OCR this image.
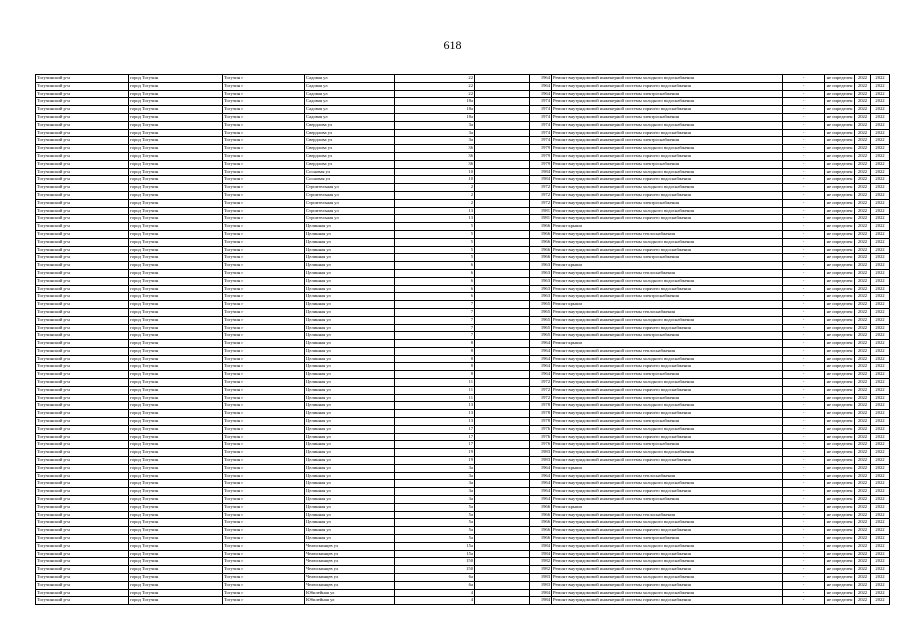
618
Тогучинский р-н	город Тогучин	Тогучин г	Садовая ул	22		1964	Ремонт внутридомовой инженерной системы холодного водоснабжения	-	не определен	2022	2022
Тогучинский р-н	город Тогучин	Тогучин г	Садовая ул	22		1964	Ремонт внутридомовой инженерной системы горячего водоснабжения	-	не определен	2022	2022
Тогучинский р-н	город Тогучин	Тогучин г	Садовая ул	22		1964	Ремонт внутридомовой инженерной системы электроснабжения	-	не определен	2022	2022
Тогучинский р-н	город Тогучин	Тогучин г	Садовая ул	18а		1974	Ремонт внутридомовой инженерной системы холодного водоснабжения	-	не определен	2022	2022
Тогучинский р-н	город Тогучин	Тогучин г	Садовая ул	18а		1974	Ремонт внутридомовой инженерной системы горячего водоснабжения	-	не определен	2022	2022
Тогучинский р-н	город Тогучин	Тогучин г	Садовая ул	18а		1974	Ремонт внутридомовой инженерной системы электроснабжения	-	не определен	2022	2022
Тогучинский р-н	город Тогучин	Тогучин г	Свердлова ул	3а		1974	Ремонт внутридомовой инженерной системы холодного водоснабжения	-	не определен	2022	2022
Тогучинский р-н	город Тогучин	Тогучин г	Свердлова ул	3а		1974	Ремонт внутридомовой инженерной системы горячего водоснабжения	-	не определен	2022	2022
Тогучинский р-н	город Тогучин	Тогучин г	Свердлова ул	3а		1974	Ремонт внутридомовой инженерной системы электроснабжения	-	не определен	2022	2022
Тогучинский р-н	город Тогучин	Тогучин г	Свердлова ул	36		1979	Ремонт внутридомовой инженерной системы холодного водоснабжения	-	не определен	2022	2022
Тогучинский р-н	город Тогучин	Тогучин г	Свердлова ул	36		1979	Ремонт внутридомовой инженерной системы горячего водоснабжения	-	не определен	2022	2022
Тогучинский р-н	город Тогучин	Тогучин г	Свердлова ул	36		1979	Ремонт внутридомовой инженерной системы электроснабжения	-	не определен	2022	2022
Тогучинский р-н	город Тогучин	Тогучин г	Сосновая ул	10		1984	Ремонт внутридомовой инженерной системы холодного водоснабжения	-	не определен	2022	2022
Тогучинский р-н	город Тогучин	Тогучин г	Сосновая ул	10		1984	Ремонт внутридомовой инженерной системы горячего водоснабжения	-	не определен	2022	2022
Тогучинский р-н	город Тогучин	Тогучин г	Строительная ул	2		1972	Ремонт внутридомовой инженерной системы холодного водоснабжения	-	не определен	2022	2022
Тогучинский р-н	город Тогучин	Тогучин г	Строительная ул	2		1972	Ремонт внутридомовой инженерной системы горячего водоснабжения	-	не определен	2022	2022
Тогучинский р-н	город Тогучин	Тогучин г	Строительная ул	2		1972	Ремонт внутридомовой инженерной системы электроснабжения	-	не определен	2022	2022
Тогучинский р-н	город Тогучин	Тогучин г	Строительная ул	13		1981	Ремонт внутридомовой инженерной системы холодного водоснабжения	-	не определен	2022	2022
Тогучинский р-н	город Тогучин	Тогучин г	Строительная ул	13		1981	Ремонт внутридомовой инженерной системы горячего водоснабжения	-	не определен	2022	2022
Тогучинский р-н	город Тогучин	Тогучин г	Целинная ул	5		1966	Ремонт крыши	-	не определен	2022	2022
Тогучинский р-н	город Тогучин	Тогучин г	Целинная ул	5		1966	Ремонт внутридомовой инженерной системы теплоснабжения	-	не определен	2022	2022
Тогучинский р-н	город Тогучин	Тогучин г	Целинная ул	5		1966	Ремонт внутридомовой инженерной системы холодного водоснабжения	-	не определен	2022	2022
Тогучинский р-н	город Тогучин	Тогучин г	Целинная ул	5		1966	Ремонт внутридомовой инженерной системы горячего водоснабжения	-	не определен	2022	2022
Тогучинский р-н	город Тогучин	Тогучин г	Целинная ул	5		1966	Ремонт внутридомовой инженерной системы электроснабжения	-	не определен	2022	2022
Тогучинский р-н	город Тогучин	Тогучин г	Целинная ул	6		1963	Ремонт крыши	-	не определен	2022	2022
Тогучинский р-н	город Тогучин	Тогучин г	Целинная ул	6		1963	Ремонт внутридомовой инженерной системы теплоснабжения	-	не определен	2022	2022
Тогучинский р-н	город Тогучин	Тогучин г	Целинная ул	6		1963	Ремонт внутридомовой инженерной системы холодного водоснабжения	-	не определен	2022	2022
Тогучинский р-н	город Тогучин	Тогучин г	Целинная ул	6		1963	Ремонт внутридомовой инженерной системы горячего водоснабжения	-	не определен	2022	2022
Тогучинский р-н	город Тогучин	Тогучин г	Целинная ул	6		1963	Ремонт внутридомовой инженерной системы электроснабжения	-	не определен	2022	2022
Тогучинский р-н	город Тогучин	Тогучин г	Целинная ул	7		1965	Ремонт крыши	-	не определен	2022	2022
Тогучинский р-н	город Тогучин	Тогучин г	Целинная ул	7		1965	Ремонт внутридомовой инженерной системы теплоснабжения	-	не определен	2022	2022
Тогучинский р-н	город Тогучин	Тогучин г	Целинная ул	7		1965	Ремонт внутридомовой инженерной системы холодного водоснабжения	-	не определен	2022	2022
Тогучинский р-н	город Тогучин	Тогучин г	Целинная ул	7		1965	Ремонт внутридомовой инженерной системы горячего водоснабжения	-	не определен	2022	2022
Тогучинский р-н	город Тогучин	Тогучин г	Целинная ул	7		1965	Ремонт внутридомовой инженерной системы электроснабжения	-	не определен	2022	2022
Тогучинский р-н	город Тогучин	Тогучин г	Целинная ул	8		1964	Ремонт крыши	-	не определен	2022	2022
Тогучинский р-н	город Тогучин	Тогучин г	Целинная ул	8		1964	Ремонт внутридомовой инженерной системы теплоснабжения	-	не определен	2022	2022
Тогучинский р-н	город Тогучин	Тогучин г	Целинная ул	8		1964	Ремонт внутридомовой инженерной системы холодного водоснабжения	-	не определен	2022	2022
Тогучинский р-н	город Тогучин	Тогучин г	Целинная ул	8		1964	Ремонт внутридомовой инженерной системы горячего водоснабжения	-	не определен	2022	2022
Тогучинский р-н	город Тогучин	Тогучин г	Целинная ул	8		1964	Ремонт внутридомовой инженерной системы электроснабжения	-	не определен	2022	2022
Тогучинский р-н	город Тогучин	Тогучин г	Целинная ул	11		1972	Ремонт внутридомовой инженерной системы холодного водоснабжения	-	не определен	2022	2022
Тогучинский р-н	город Тогучин	Тогучин г	Целинная ул	11		1972	Ремонт внутридомовой инженерной системы горячего водоснабжения	-	не определен	2022	2022
Тогучинский р-н	город Тогучин	Тогучин г	Целинная ул	11		1972	Ремонт внутридомовой инженерной системы электроснабжения	-	не определен	2022	2022
Тогучинский р-н	город Тогучин	Тогучин г	Целинная ул	13		1978	Ремонт внутридомовой инженерной системы холодного водоснабжения	-	не определен	2022	2022
Тогучинский р-н	город Тогучин	Тогучин г	Целинная ул	13		1978	Ремонт внутридомовой инженерной системы горячего водоснабжения	-	не определен	2022	2022
Тогучинский р-н	город Тогучин	Тогучин г	Целинная ул	13		1978	Ремонт внутридомовой инженерной системы электроснабжения	-	не определен	2022	2022
Тогучинский р-н	город Тогучин	Тогучин г	Целинная ул	17		1976	Ремонт внутридомовой инженерной системы холодного водоснабжения	-	не определен	2022	2022
Тогучинский р-н	город Тогучин	Тогучин г	Целинная ул	17		1976	Ремонт внутридомовой инженерной системы горячего водоснабжения	-	не определен	2022	2022
Тогучинский р-н	город Тогучин	Тогучин г	Целинная ул	17		1976	Ремонт внутридомовой инженерной системы электроснабжения	-	не определен	2022	2022
Тогучинский р-н	город Тогучин	Тогучин г	Целинная ул	19		1983	Ремонт внутридомовой инженерной системы холодного водоснабжения	-	не определен	2022	2022
Тогучинский р-н	город Тогучин	Тогучин г	Целинная ул	19		1983	Ремонт внутридомовой инженерной системы горячего водоснабжения	-	не определен	2022	2022
Тогучинский р-н	город Тогучин	Тогучин г	Целинная ул	3а		1964	Ремонт крыши	-	не определен	2022	2022
Тогучинский р-н	город Тогучин	Тогучин г	Целинная ул	3а		1964	Ремонт внутридомовой инженерной системы теплоснабжения	-	не определен	2022	2022
Тогучинский р-н	город Тогучин	Тогучин г	Целинная ул	3а		1964	Ремонт внутридомовой инженерной системы холодного водоснабжения	-	не определен	2022	2022
Тогучинский р-н	город Тогучин	Тогучин г	Целинная ул	3а		1964	Ремонт внутридомовой инженерной системы горячего водоснабжения	-	не определен	2022	2022
Тогучинский р-н	город Тогучин	Тогучин г	Целинная ул	3а		1964	Ремонт внутридомовой инженерной системы электроснабжения	-	не определен	2022	2022
Тогучинский р-н	город Тогучин	Тогучин г	Целинная ул	5а		1966	Ремонт крыши	-	не определен	2022	2022
Тогучинский р-н	город Тогучин	Тогучин г	Целинная ул	5а		1966	Ремонт внутридомовой инженерной системы теплоснабжения	-	не определен	2022	2022
Тогучинский р-н	город Тогучин	Тогучин г	Целинная ул	5а		1966	Ремонт внутридомовой инженерной системы холодного водоснабжения	-	не определен	2022	2022
Тогучинский р-н	город Тогучин	Тогучин г	Целинная ул	5а		1966	Ремонт внутридомовой инженерной системы горячего водоснабжения	-	не определен	2022	2022
Тогучинский р-н	город Тогучин	Тогучин г	Целинная ул	5а		1966	Ремонт внутридомовой инженерной системы электроснабжения	-	не определен	2022	2022
Тогучинский р-н	город Тогучин	Тогучин г	Челюскинцев ул	15а		1984	Ремонт внутридомовой инженерной системы холодного водоснабжения	-	не определен	2022	2022
Тогучинский р-н	город Тогучин	Тогучин г	Челюскинцев ул	15а		1984	Ремонт внутридомовой инженерной системы горячего водоснабжения	-	не определен	2022	2022
Тогучинский р-н	город Тогучин	Тогучин г	Челюскинцев ул	150		1982	Ремонт внутридомовой инженерной системы холодного водоснабжения	-	не определен	2022	2022
Тогучинский р-н	город Тогучин	Тогучин г	Челюскинцев ул	150		1982	Ремонт внутридомовой инженерной системы горячего водоснабжения	-	не определен	2022	2022
Тогучинский р-н	город Тогучин	Тогучин г	Челюскинцев ул	6а		1983	Ремонт внутридомовой инженерной системы холодного водоснабжения	-	не определен	2022	2022
Тогучинский р-н	город Тогучин	Тогучин г	Челюскинцев ул	6а		1983	Ремонт внутридомовой инженерной системы горячего водоснабжения	-	не определен	2022	2022
Тогучинский р-н	город Тогучин	Тогучин г	Юбилейная ул	4		1984	Ремонт внутридомовой инженерной системы холодного водоснабжения	-	не определен	2022	2022
Тогучинский р-н	город Тогучин	Тогучин г	Юбилейная ул	4		1984	Ремонт внутридомовой инженерной системы горячего водоснабжения	-	не определен	2022	2022
